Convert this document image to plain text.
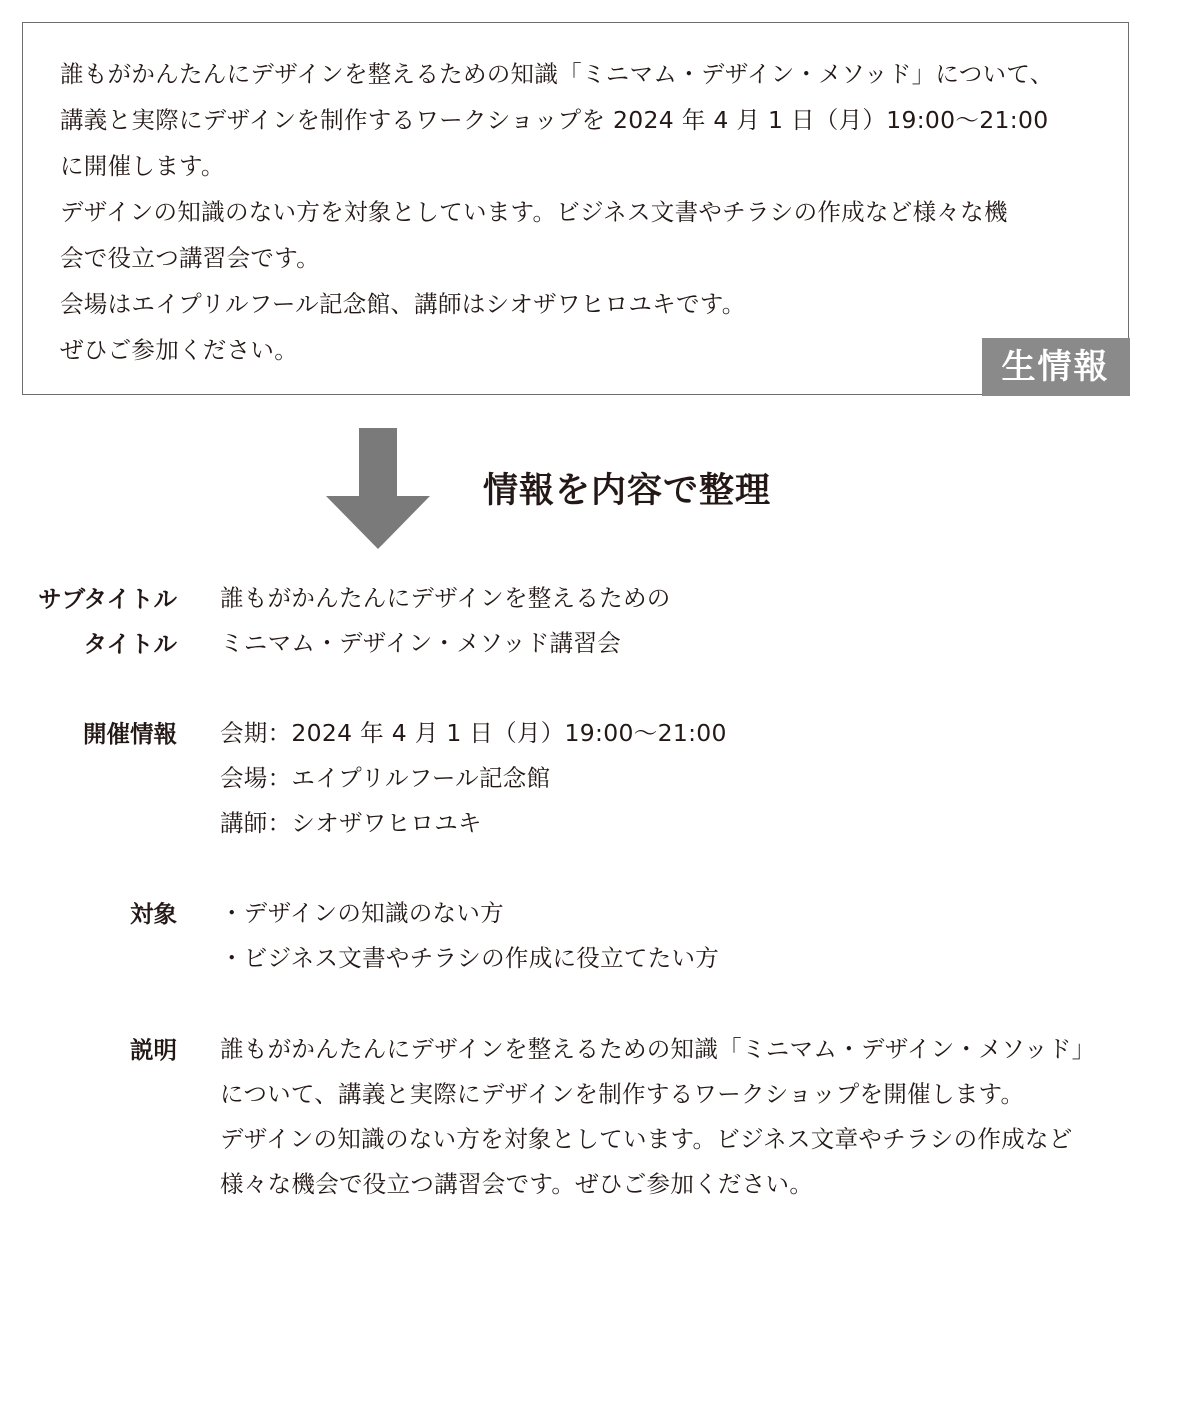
誰もがかんたんにデザインを整えるための知識「ミニマム・デザイン・メソッド」について、
講義と実際にデザインを制作するワークショップを 2024 年 4 月 1 日（月）19:00〜21:00
に開催します。
デザインの知識のない方を対象としています。ビジネス文書やチラシの作成など様々な機
会で役立つ講習会です。
会場はエイプリルフール記念館、講師はシオザワヒロユキです。
ぜひご参加ください。	生情報
情報を内容で整理
サブタイトル 誰もがかんたんにデザインを整えるための
タイトル ミニマム・デザイン・メソッド講習会
開催情報 会期：2024 年 4 月 1 日（月）19:00〜21:00
会場：エイプリルフール記念館
講師：シオザワヒロユキ
対象 ・デザインの知識のない方
・ビジネス文書やチラシの作成に役立てたい方
説明 誰もがかんたんにデザインを整えるための知識「ミニマム・デザイン・メソッド」
について、講義と実際にデザインを制作するワークショップを開催します。
デザインの知識のない方を対象としています。ビジネス文章やチラシの作成など
様々な機会で役立つ講習会です。ぜひご参加ください。
